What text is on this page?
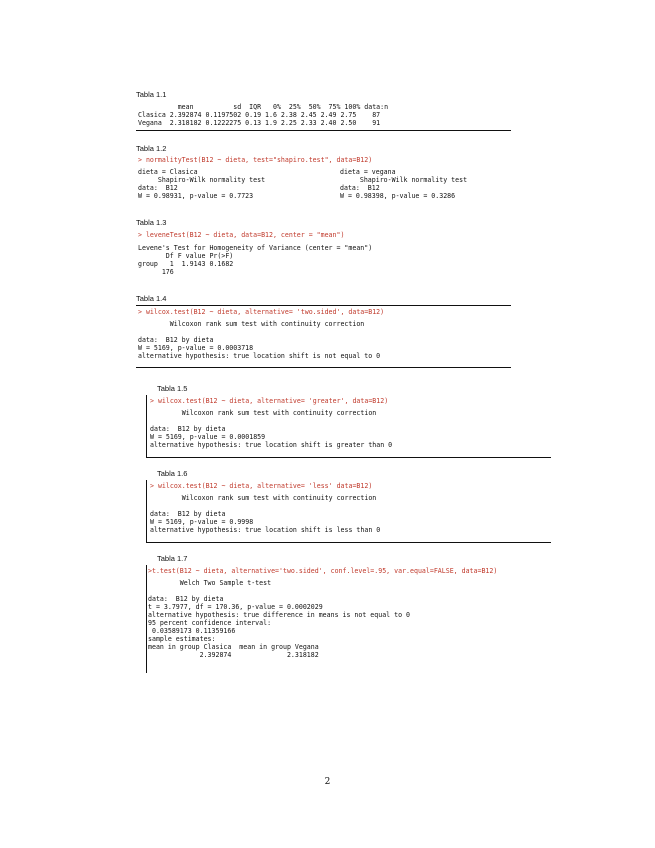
Tabla 1.1
mean          sd  IQR   0%  25%  50%  75% 100% data:n
Clasica 2.392874 0.1197502 0.19 1.6 2.38 2.45 2.49 2.75    87
Vegana  2.318182 0.1222275 0.13 1.9 2.25 2.33 2.40 2.50    91
Tabla 1.2
> normalityTest(B12 ~ dieta, test="shapiro.test", data=B12)
dieta = Clasica
Shapiro-Wilk normality test
data:  B12
W = 0.98931, p-value = 0.7723
dieta = vegana
Shapiro-Wilk normality test
data:  B12
W = 0.98398, p-value = 0.3286
Tabla 1.3
> leveneTest(B12 ~ dieta, data=B12, center = "mean")
Levene's Test for Homogeneity of Variance (center = "mean")
Df F value Pr(>F)
group   1  1.9143 0.1682
176
Tabla 1.4
> wilcox.test(B12 ~ dieta, alternative= 'two.sided', data=B12)
Wilcoxon rank sum test with continuity correction
data:  B12 by dieta
W = 5169, p-value = 0.0003718
alternative hypothesis: true location shift is not equal to 0
Tabla 1.5
> wilcox.test(B12 ~ dieta, alternative= 'greater', data=B12)
Wilcoxon rank sum test with continuity correction
data:  B12 by dieta
W = 5169, p-value = 0.0001859
alternative hypothesis: true location shift is greater than 0
Tabla 1.6
> wilcox.test(B12 ~ dieta, alternative= 'less' data=B12)
Wilcoxon rank sum test with continuity correction
data:  B12 by dieta
W = 5169, p-value = 0.9998
alternative hypothesis: true location shift is less than 0
Tabla 1.7
>t.test(B12 ~ dieta, alternative='two.sided', conf.level=.95, var.equal=FALSE, data=B12)
Welch Two Sample t-test
data:  B12 by dieta
t = 3.7977, df = 170.36, p-value = 0.0002029
alternative hypothesis: true difference in means is not equal to 0
95 percent confidence interval:
0.03589173 0.11359166
sample estimates:
mean in group Clasica  mean in group Vegana
2.392874              2.318182
2
